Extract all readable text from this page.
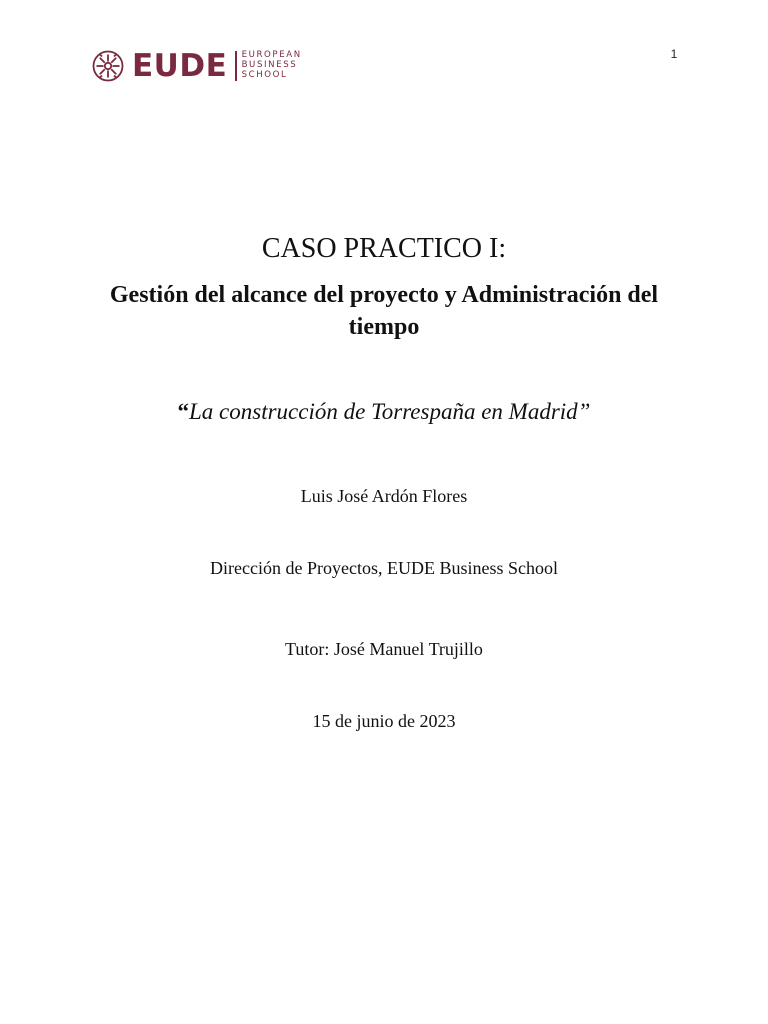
1
EUDE EUROPEAN
BUSINESS
SCHOOL
CASO PRACTICO I:
Gestión del alcance del proyecto y Administración del tiempo
“La construcción de Torrespaña en Madrid”
Luis José Ardón Flores
Dirección de Proyectos, EUDE Business School
Tutor: José Manuel Trujillo
15 de junio de 2023
